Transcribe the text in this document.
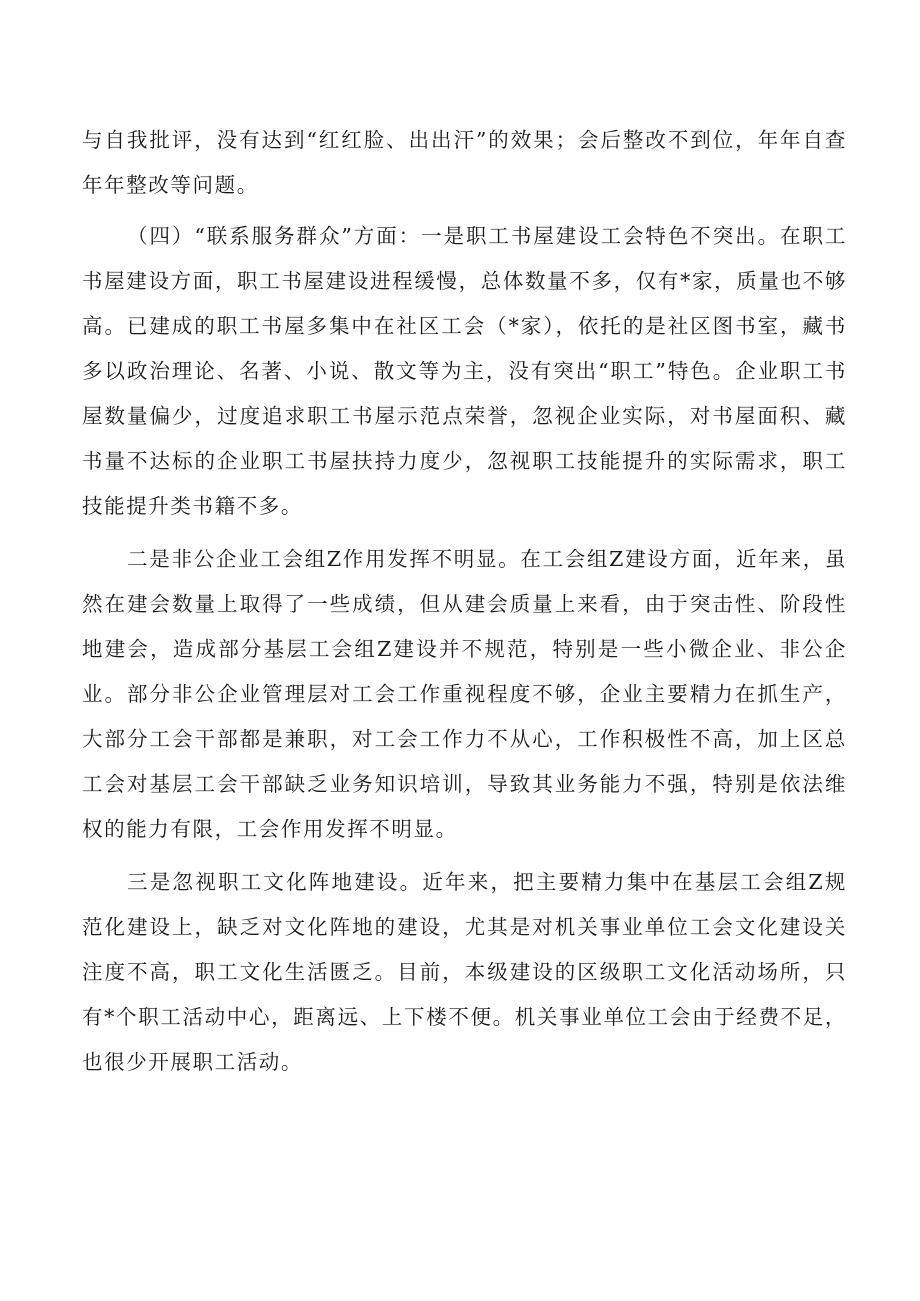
与自我批评，没有达到“红红脸、出出汗”的效果；会后整改不到位，年年自查年年整改等问题。

（四）“联系服务群众”方面：一是职工书屋建设工会特色不突出。在职工书屋建设方面，职工书屋建设进程缓慢，总体数量不多，仅有*家，质量也不够高。已建成的职工书屋多集中在社区工会（*家），依托的是社区图书室，藏书多以政治理论、名著、小说、散文等为主，没有突出“职工”特色。企业职工书屋数量偏少，过度追求职工书屋示范点荣誉，忽视企业实际，对书屋面积、藏书量不达标的企业职工书屋扶持力度少，忽视职工技能提升的实际需求，职工技能提升类书籍不多。

二是非公企业工会组Z作用发挥不明显。在工会组Z建设方面，近年来，虽然在建会数量上取得了一些成绩，但从建会质量上来看，由于突击性、阶段性地建会，造成部分基层工会组Z建设并不规范，特别是一些小微企业、非公企业。部分非公企业管理层对工会工作重视程度不够，企业主要精力在抓生产，大部分工会干部都是兼职，对工会工作力不从心，工作积极性不高，加上区总工会对基层工会干部缺乏业务知识培训，导致其业务能力不强，特别是依法维权的能力有限，工会作用发挥不明显。

三是忽视职工文化阵地建设。近年来，把主要精力集中在基层工会组Z规范化建设上，缺乏对文化阵地的建设，尤其是对机关事业单位工会文化建设关注度不高，职工文化生活匮乏。目前，本级建设的区级职工文化活动场所，只有*个职工活动中心，距离远、上下楼不便。机关事业单位工会由于经费不足，也很少开展职工活动。
